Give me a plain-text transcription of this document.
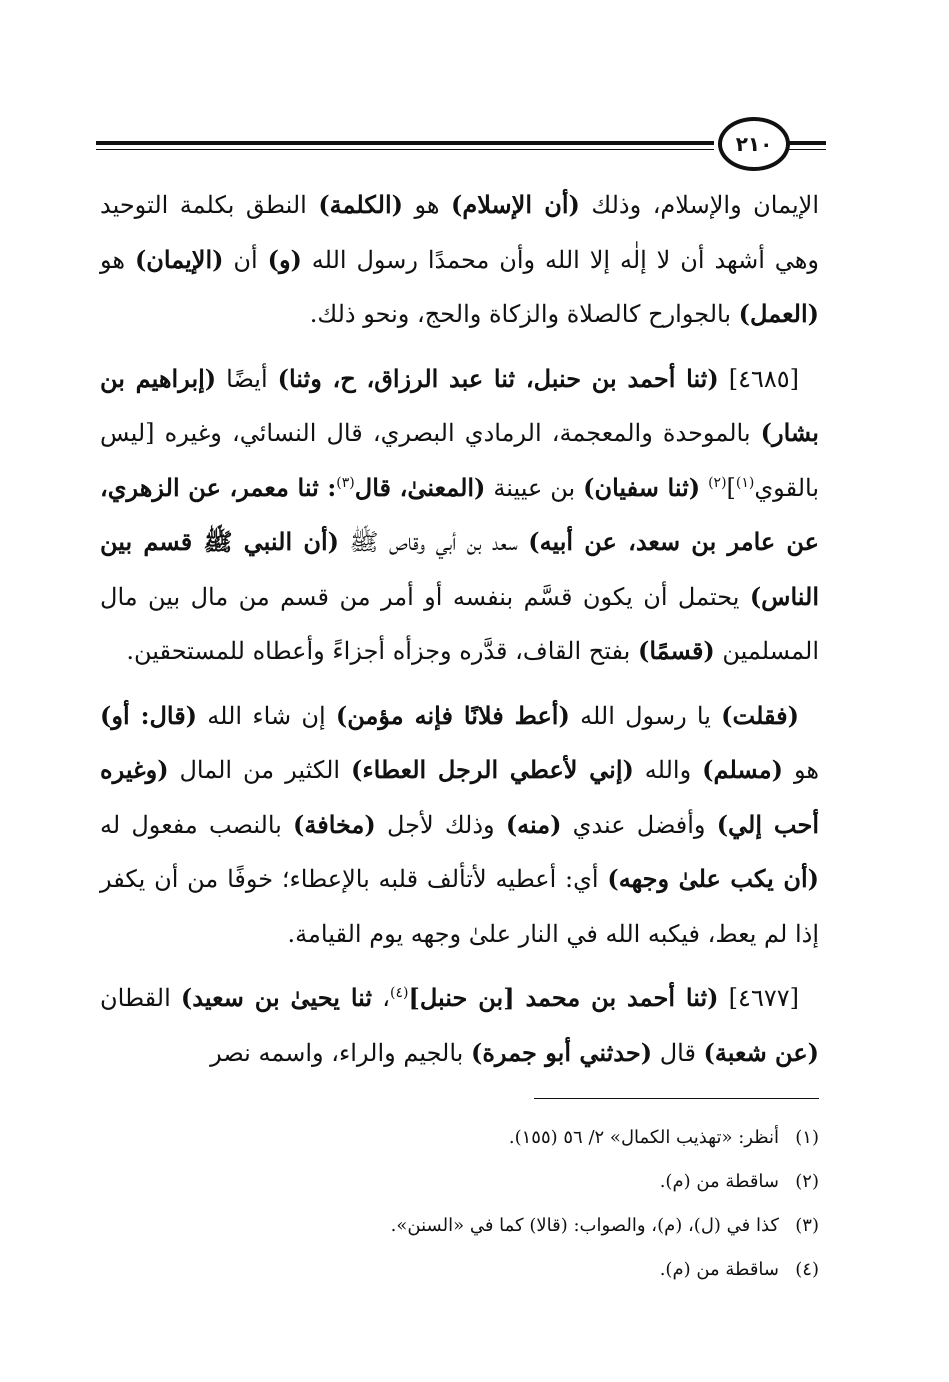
٢١٠

الإيمان والإسلام، وذلك (أن الإسلام) هو (الكلمة) النطق بكلمة التوحيد وهي أشهد أن لا إلٰه إلا الله وأن محمدًا رسول الله (و) أن (الإيمان) هو (العمل) بالجوارح كالصلاة والزكاة والحج، ونحو ذلك.

[٤٦٨٥] (ثنا أحمد بن حنبل، ثنا عبد الرزاق، ح، وثنا) أيضًا (إبراهيم بن بشار) بالموحدة والمعجمة، الرمادي البصري، قال النسائي، وغيره [ليس بالقوي$^{(١)}$]$^{(٢)}$ (ثنا سفيان) بن عيينة (المعنىٰ، قال$^{(٣)}$: ثنا معمر، عن الزهري، عن عامر بن سعد، عن أبيه) سعد بن أبي وقاص ﷺ (أن النبي ﷺ قسم بين الناس) يحتمل أن يكون قسَّم بنفسه أو أمر من قسم من مال بين مال المسلمين (قسمًا) بفتح القاف، قدَّره وجزأه أجزاءً وأعطاه للمستحقين.

(فقلت) يا رسول الله (أعط فلانًا فإنه مؤمن) إن شاء الله (قال: أو) هو (مسلم) والله (إني لأعطي الرجل العطاء) الكثير من المال (وغيره أحب إلي) وأفضل عندي (منه) وذلك لأجل (مخافة) بالنصب مفعول له (أن يكب علىٰ وجهه) أي: أعطيه لأتألف قلبه بالإعطاء؛ خوفًا من أن يكفر إذا لم يعط، فيكبه الله في النار علىٰ وجهه يوم القيامة.

[٤٦٧٧] (ثنا أحمد بن محمد [بن حنبل]$^{(٤)}$، ثنا يحيىٰ بن سعيد) القطان (عن شعبة) قال (حدثني أبو جمرة) بالجيم والراء، واسمه نصر

(١)أنظر: «تهذيب الكمال» ٢/ ٥٦ (١٥٥).
(٢)ساقطة من (م).
(٣)كذا في (ل)، (م)، والصواب: (قالا) كما في «السنن».
(٤)ساقطة من (م).
